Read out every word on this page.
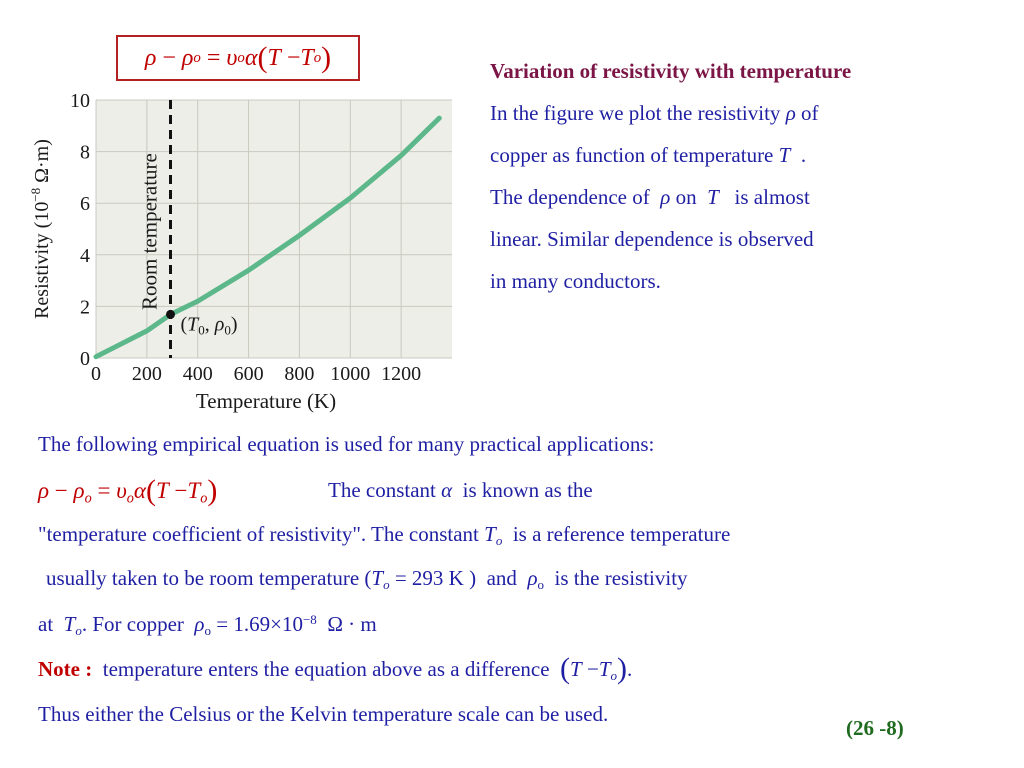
ρ
−
ρ o
=
υ o α ( T
− T o )
0
2
4
6
8
10
0 200 400 600 800 1000 1200
Room temperature
($T_0$, $\rho_0$)
Temperature (K)
Resistivity ($10^{-8}$ Ω·m)
Variation of resistivity with temperature
In the figure we plot the resistivity ρ of
copper as function of temperature T .
The dependence of ρ on T is almost
linear. Similar dependence is observed
in many conductors.
The following empirical equation is used for many practical applications:
$\rho - \rho_o = \upsilon_o\alpha(T -T_o)$	The constant α is known as the
"temperature coefficient of resistivity". The constant $T_o$ is a reference temperature
usually taken to be room temperature ($T_o = 293$ K ) and $\rho_o$ is the resistivity
at $T_o$. For copper $\rho_o = 1.69\times 10^{-8}$ Ω · m
Note : temperature enters the equation above as a difference $(T -T_o)$.
Thus either the Celsius or the Kelvin temperature scale can be used.
(26 -8)
